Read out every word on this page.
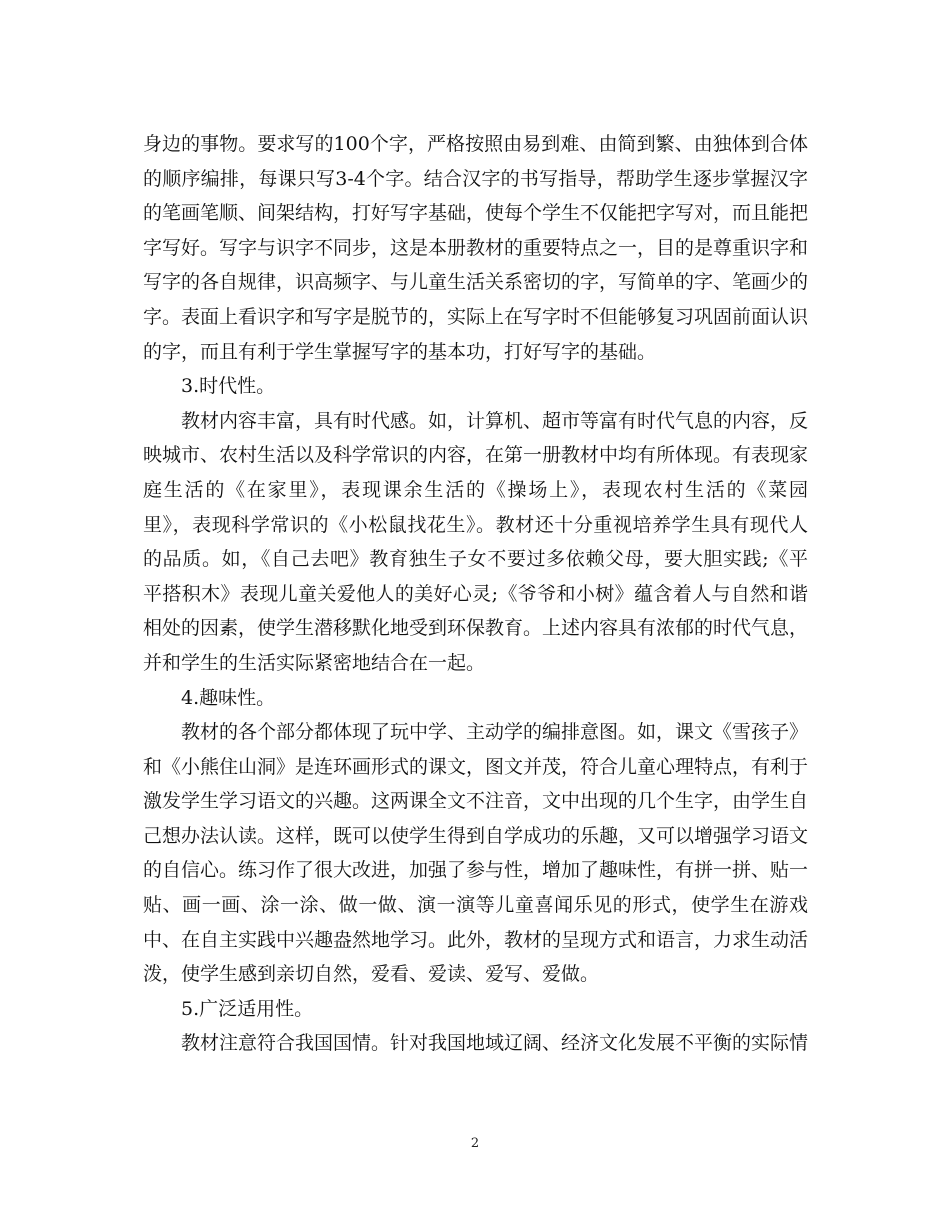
身边的事物。要求写的100个字，严格按照由易到难、由简到繁、由独体到合体
的顺序编排，每课只写3-4个字。结合汉字的书写指导，帮助学生逐步掌握汉字
的笔画笔顺、间架结构，打好写字基础，使每个学生不仅能把字写对，而且能把
字写好。写字与识字不同步，这是本册教材的重要特点之一，目的是尊重识字和
写字的各自规律，识高频字、与儿童生活关系密切的字，写简单的字、笔画少的
字。表面上看识字和写字是脱节的，实际上在写字时不但能够复习巩固前面认识
的字，而且有利于学生掌握写字的基本功，打好写字的基础。
3.时代性。
教材内容丰富，具有时代感。如，计算机、超市等富有时代气息的内容，反
映城市、农村生活以及科学常识的内容，在第一册教材中均有所体现。有表现家
庭生活的《在家里》，表现课余生活的《操场上》，表现农村生活的《菜园
里》，表现科学常识的《小松鼠找花生》。教材还十分重视培养学生具有现代人
的品质。如，《自己去吧》教育独生子女不要过多依赖父母，要大胆实践;《平
平搭积木》表现儿童关爱他人的美好心灵;《爷爷和小树》蕴含着人与自然和谐
相处的因素，使学生潜移默化地受到环保教育。上述内容具有浓郁的时代气息，
并和学生的生活实际紧密地结合在一起。
4.趣味性。
教材的各个部分都体现了玩中学、主动学的编排意图。如，课文《雪孩子》
和《小熊住山洞》是连环画形式的课文，图文并茂，符合儿童心理特点，有利于
激发学生学习语文的兴趣。这两课全文不注音，文中出现的几个生字，由学生自
己想办法认读。这样，既可以使学生得到自学成功的乐趣，又可以增强学习语文
的自信心。练习作了很大改进，加强了参与性，增加了趣味性，有拼一拼、贴一
贴、画一画、涂一涂、做一做、演一演等儿童喜闻乐见的形式，使学生在游戏
中、在自主实践中兴趣盎然地学习。此外，教材的呈现方式和语言，力求生动活
泼，使学生感到亲切自然，爱看、爱读、爱写、爱做。
5.广泛适用性。
教材注意符合我国国情。针对我国地域辽阔、经济文化发展不平衡的实际情
2
